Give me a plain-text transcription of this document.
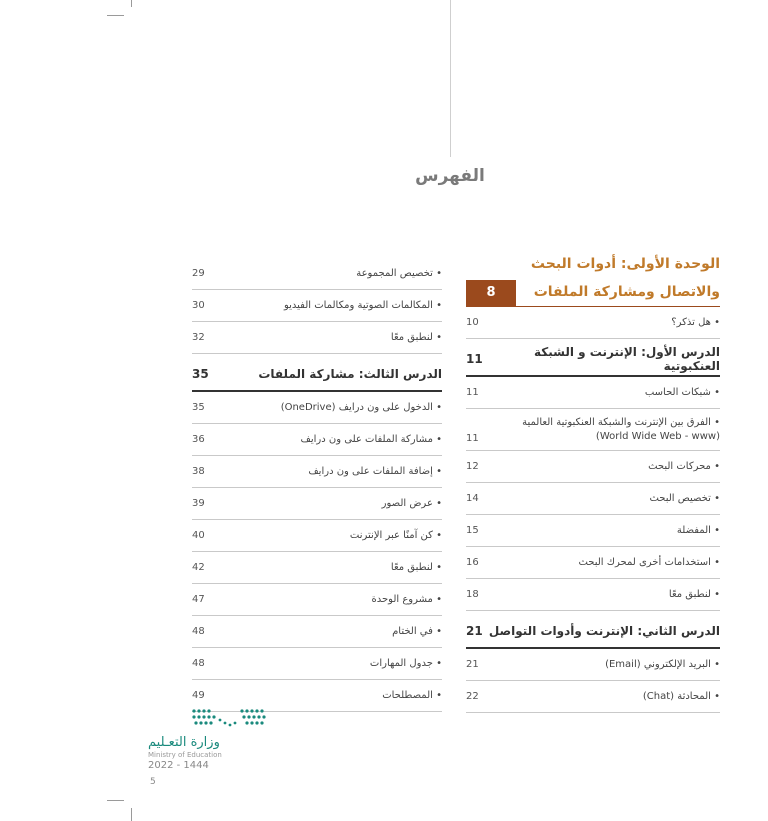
الفهرس
الوحدة الأولى: أدوات البحث
والاتصال ومشاركة الملفات
8
• هل تذكر؟
10
الدرس الأول: الإنترنت و الشبكة العنكبوتية
11
• شبكات الحاسب
11
• الفرق بين الإنترنت والشبكة العنكبوتية العالمية
(World Wide Web - www)
11
• محركات البحث
12
• تخصيص البحث
14
• المفضلة
15
• استخدامات أخرى لمحرك البحث
16
• لنطبق معًا
18
الدرس الثاني: الإنترنت وأدوات التواصل
21
• البريد الإلكتروني (Email)
21
• المحادثة (Chat)
22
• تخصيص المجموعة
29
• المكالمات الصوتية ومكالمات الفيديو
30
• لنطبق معًا
32
الدرس الثالث: مشاركة الملفات
35
• الدخول على ون درايف (OneDrive)
35
• مشاركة الملفات على ون درايف
36
• إضافة الملفات على ون درايف
38
• عرض الصور
39
• كن آمنًا عبر الإنترنت
40
• لنطبق معًا
42
• مشروع الوحدة
47
• في الختام
48
• جدول المهارات
48
• المصطلحات
49
وزارة التعـليم
Ministry of Education
2022 - 1444
5
